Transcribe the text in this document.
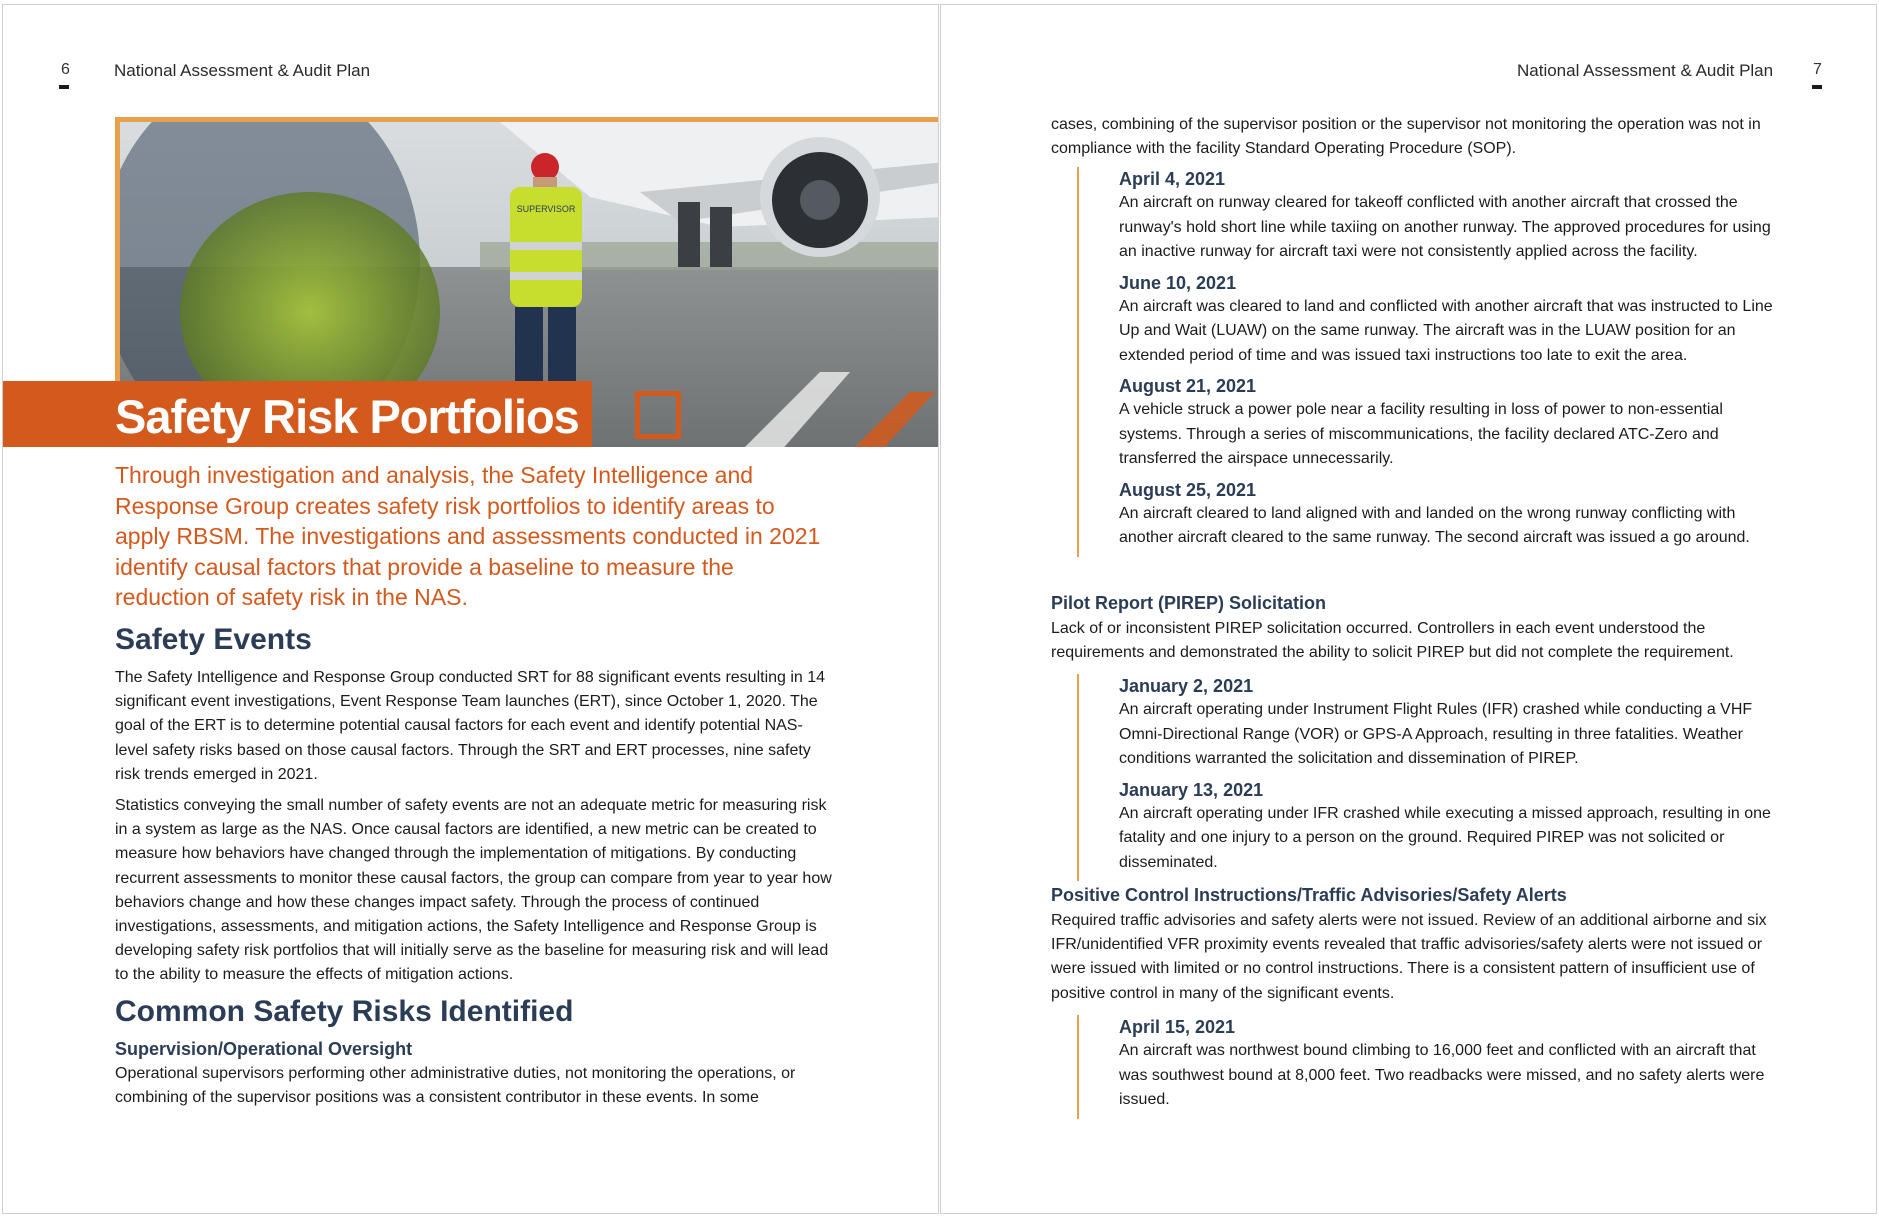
6	National Assessment & Audit Plan
SUPERVISOR
Safety Risk Portfolios
Through investigation and analysis, the Safety Intelligence and Response Group creates safety risk portfolios to identify areas to apply RBSM. The investigations and assessments conducted in 2021 identify causal factors that provide a baseline to measure the reduction of safety risk in the NAS.
Safety Events

The Safety Intelligence and Response Group conducted SRT for 88 significant events resulting in 14 significant event investigations, Event Response Team launches (ERT), since October 1, 2020. The goal of the ERT is to determine potential causal factors for each event and identify potential NAS-level safety risks based on those causal factors. Through the SRT and ERT processes, nine safety risk trends emerged in 2021.

Statistics conveying the small number of safety events are not an adequate metric for measuring risk in a system as large as the NAS. Once causal factors are identified, a new metric can be created to measure how behaviors have changed through the implementation of mitigations. By conducting recurrent assessments to monitor these causal factors, the group can compare from year to year how behaviors change and how these changes impact safety. Through the process of continued investigations, assessments, and mitigation actions, the Safety Intelligence and Response Group is developing safety risk portfolios that will initially serve as the baseline for measuring risk and will lead to the ability to measure the effects of mitigation actions.

Common Safety Risks Identified
Supervision/Operational Oversight
Operational supervisors performing other administrative duties, not monitoring the operations, or combining of the supervisor positions was a consistent contributor in these events. In some
National Assessment & Audit Plan 7
cases, combining of the supervisor position or the supervisor not monitoring the operation was not in compliance with the facility Standard Operating Procedure (SOP).
April 4, 2021
An aircraft on runway cleared for takeoff conflicted with another aircraft that crossed the runway's hold short line while taxiing on another runway. The approved procedures for using an inactive runway for aircraft taxi were not consistently applied across the facility.
June 10, 2021
An aircraft was cleared to land and conflicted with another aircraft that was instructed to Line Up and Wait (LUAW) on the same runway. The aircraft was in the LUAW position for an extended period of time and was issued taxi instructions too late to exit the area.
August 21, 2021
A vehicle struck a power pole near a facility resulting in loss of power to non-essential systems. Through a series of miscommunications, the facility declared ATC-Zero and transferred the airspace unnecessarily.
August 25, 2021
An aircraft cleared to land aligned with and landed on the wrong runway conflicting with another aircraft cleared to the same runway. The second aircraft was issued a go around.
Pilot Report (PIREP) Solicitation
Lack of or inconsistent PIREP solicitation occurred. Controllers in each event understood the requirements and demonstrated the ability to solicit PIREP but did not complete the requirement.
January 2, 2021
An aircraft operating under Instrument Flight Rules (IFR) crashed while conducting a VHF Omni-Directional Range (VOR) or GPS-A Approach, resulting in three fatalities. Weather conditions warranted the solicitation and dissemination of PIREP.
January 13, 2021
An aircraft operating under IFR crashed while executing a missed approach, resulting in one fatality and one injury to a person on the ground. Required PIREP was not solicited or disseminated.
Positive Control Instructions/Traffic Advisories/Safety Alerts
Required traffic advisories and safety alerts were not issued. Review of an additional airborne and six IFR/unidentified VFR proximity events revealed that traffic advisories/safety alerts were not issued or were issued with limited or no control instructions. There is a consistent pattern of insufficient use of positive control in many of the significant events.
April 15, 2021
An aircraft was northwest bound climbing to 16,000 feet and conflicted with an aircraft that was southwest bound at 8,000 feet. Two readbacks were missed, and no safety alerts were issued.
